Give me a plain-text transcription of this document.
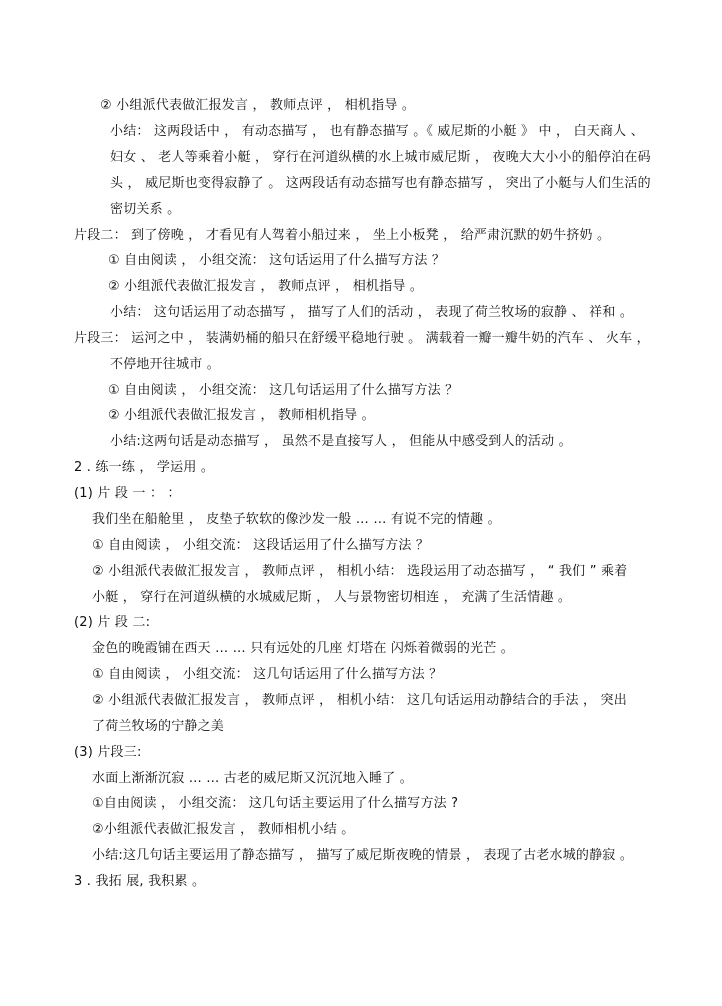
② 小组派代表做汇报发言 ， 教师点评 ， 相机指导 。
小结： 这两段话中 ， 有动态描写 ， 也有静态描写 。《 威尼斯的小艇 》 中 ， 白天商人 、
妇女 、 老人等乘着小艇 ， 穿行在河道纵横的水上城市威尼斯 ， 夜晚大大小小的船停泊在码
头 ， 威尼斯也变得寂静了 。 这两段话有动态描写也有静态描写 ， 突出了小艇与人们生活的
密切关系 。
片段二： 到了傍晚 ， 才看见有人驾着小船过来 ， 坐上小板凳 ， 给严肃沉默的奶牛挤奶 。
① 自由阅读 ， 小组交流： 这句话运用了什么描写方法 ？
② 小组派代表做汇报发言 ， 教师点评 ， 相机指导 。
小结： 这句话运用了动态描写 ， 描写了人们的活动 ， 表现了荷兰牧场的寂静 、 祥和 。
片段三： 运河之中 ， 装满奶桶的船只在舒缓平稳地行驶 。 满载着一瓣一瓣牛奶的汽车 、 火车 ，
不停地开往城市 。
① 自由阅读 ， 小组交流： 这几句话运用了什么描写方法 ？
② 小组派代表做汇报发言 ， 教师相机指导 。
小结:这两句话是动态描写 ， 虽然不是直接写人 ， 但能从中感受到人的活动 。
2 . 练一练 ， 学运用 。
(1) 片 段 一 ： ：
我们坐在船舱里 ， 皮垫子软软的像沙发一般 … … 有说不完的情趣 。
① 自由阅读 ， 小组交流： 这段话运用了什么描写方法 ？
② 小组派代表做汇报发言 ， 教师点评 ， 相机小结： 选段运用了动态描写 ， “ 我们 ” 乘着
小艇 ， 穿行在河道纵横的水城威尼斯 ， 人与景物密切相连 ， 充满了生活情趣 。
(2) 片 段 二:
金色的晚霞铺在西天 … … 只有远处的几座 灯塔在 闪烁着微弱的光芒 。
① 自由阅读 ， 小组交流： 这几句话运用了什么描写方法 ？
② 小组派代表做汇报发言 ， 教师点评 ， 相机小结： 这几句话运用动静结合的手法 ， 突出
了荷兰牧场的宁静之美
(3) 片段三:
水面上渐渐沉寂 … … 古老的威尼斯又沉沉地入睡了 。
①自由阅读 ， 小组交流： 这几句话主要运用了什么描写方法 ?
②小组派代表做汇报发言 ， 教师相机小结 。
小结:这几句话主要运用了静态描写 ， 描写了威尼斯夜晚的情景 ， 表现了古老水城的静寂 。
3 . 我拓 展, 我积累 。
